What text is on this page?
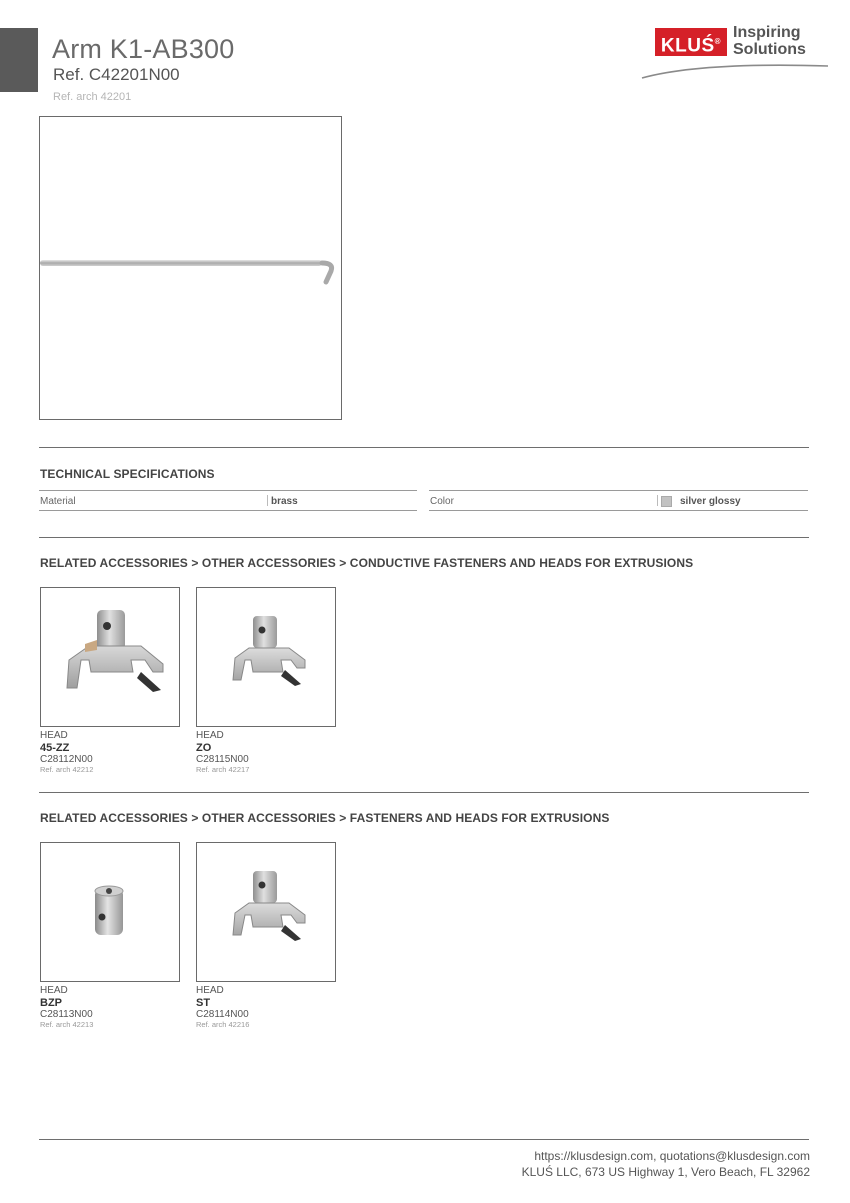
Arm K1-AB300
Ref. C42201N00
Ref. arch 42201
KLUŚ®
Inspiring
Solutions
TECHNICAL SPECIFICATIONS
Material	brass	Color	silver glossy
RELATED ACCESSORIES > OTHER ACCESSORIES > CONDUCTIVE FASTENERS AND HEADS FOR EXTRUSIONS
HEAD
45-ZZ
C28112N00
Ref. arch 42212
HEAD
ZO
C28115N00
Ref. arch 42217
RELATED ACCESSORIES > OTHER ACCESSORIES > FASTENERS AND HEADS FOR EXTRUSIONS
HEAD
BZP
C28113N00
Ref. arch 42213
HEAD
ST
C28114N00
Ref. arch 42216
https://klusdesign.com, quotations@klusdesign.com
KLUŚ LLC, 673 US Highway 1, Vero Beach, FL 32962
